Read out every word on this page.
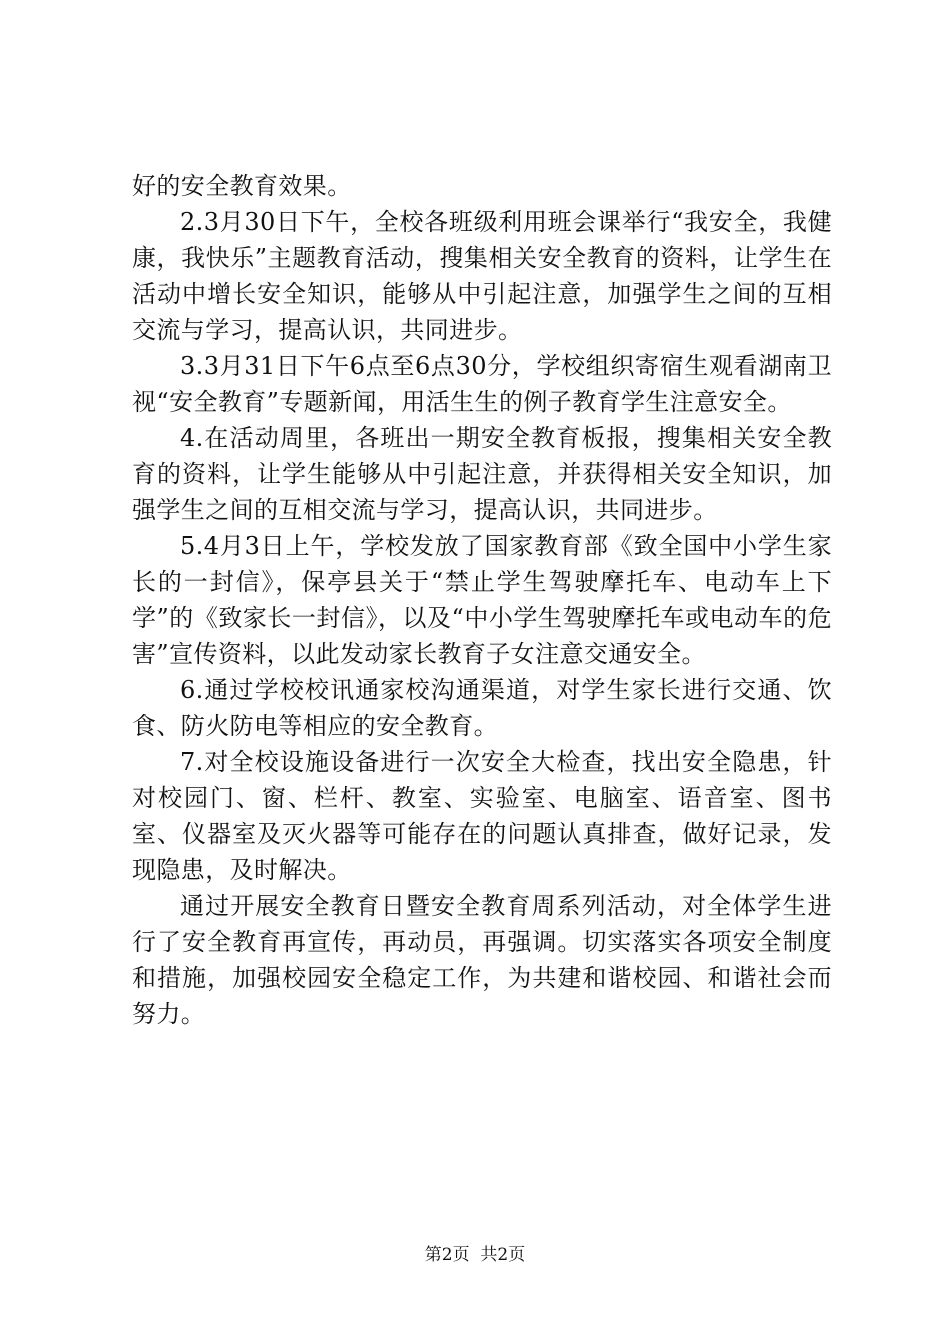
好的安全教育效果。

2.3月30日下午，全校各班级利用班会课举行“我安全，我健康，我快乐”主题教育活动，搜集相关安全教育的资料，让学生在活动中增长安全知识，能够从中引起注意，加强学生之间的互相交流与学习，提高认识，共同进步。

3.3月31日下午6点至6点30分，学校组织寄宿生观看湖南卫视“安全教育”专题新闻，用活生生的例子教育学生注意安全。

4.在活动周里，各班出一期安全教育板报，搜集相关安全教育的资料，让学生能够从中引起注意，并获得相关安全知识，加强学生之间的互相交流与学习，提高认识，共同进步。

5.4月3日上午，学校发放了国家教育部《致全国中小学生家长的一封信》，保亭县关于“禁止学生驾驶摩托车、电动车上下学”的《致家长一封信》，以及“中小学生驾驶摩托车或电动车的危害”宣传资料，以此发动家长教育子女注意交通安全。

6.通过学校校讯通家校沟通渠道，对学生家长进行交通、饮食、防火防电等相应的安全教育。

7.对全校设施设备进行一次安全大检查，找出安全隐患，针对校园门、窗、栏杆、教室、实验室、电脑室、语音室、图书室、仪器室及灭火器等可能存在的问题认真排查，做好记录，发现隐患，及时解决。

通过开展安全教育日暨安全教育周系列活动，对全体学生进行了安全教育再宣传，再动员，再强调。切实落实各项安全制度和措施，加强校园安全稳定工作，为共建和谐校园、和谐社会而努力。

第2页  共2页
